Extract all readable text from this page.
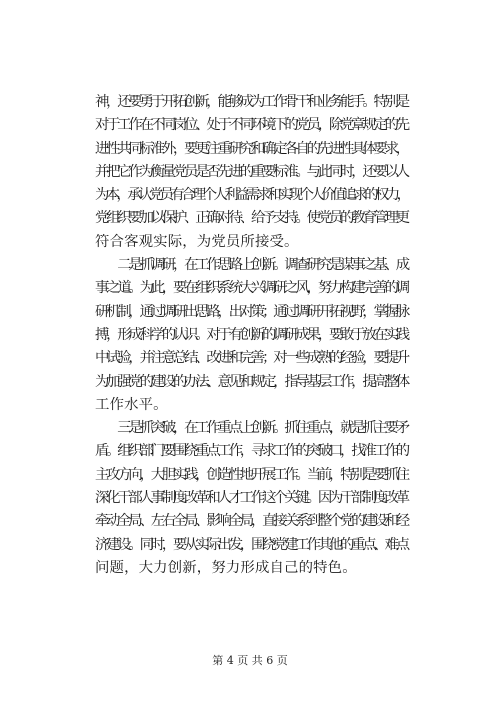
神，还要勇于开拓创新，能够成为工作骨干和业务能手。特别是
对于工作在不同岗位、处于不同环境下的党员，除党章规定的先
进性共同标准外，要更注重研究和确定各自的先进性具体要求，
并把它作为衡量党员是否先进的重要标准。与此同时，还要以人
为本，承认党员有合理个人利益需求和实现个人价值追求的权力，
党组织要加以保护、正确对待、给予支持。使党员的教育管理更
符合客观实际，为党员所接受。
　　二是抓调研，在工作思路上创新。调查研究是谋事之基、成
事之道。为此，要在组织系统大兴调研之风，努力构建完善的调
研机制，通过调研出思路，出对策；通过调研开拓视野，掌握脉
搏，形成科学的认识。对于有创新的调研成果，要敢于放在实践
中试验，并注意总结、改进和完善；对一些成熟的经验，要提升
为加强党的建设的办法、意见和规定，指导基层工作，提高整体
工作水平。
　　三是抓突破，在工作重点上创新。抓住重点，就是抓主要矛
盾。组织部门要围绕重点工作，寻求工作的突破口，找准工作的
主攻方向，大胆实践，创造性地开展工作。当前，特别是要抓住
深化干部人事制度改革和人才工作这个关键。因为干部制度改革
牵动全局、左右全局、影响全局，直接关系到整个党的建设和经
济建设。同时，要从实际出发，围绕党建工作其他的重点、难点
问题，大力创新，努力形成自己的特色。
第 4 页 共 6 页
